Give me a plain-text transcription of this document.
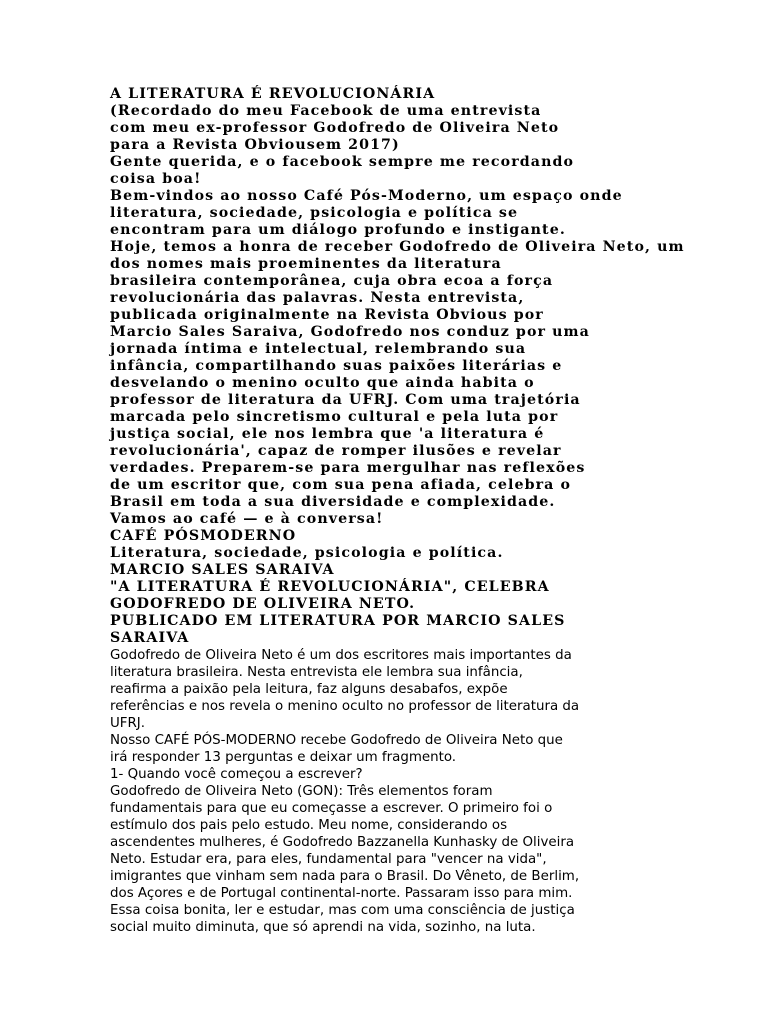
A LITERATURA É REVOLUCIONÁRIA
(Recordado do meu Facebook de uma entrevista
com meu ex-professor Godofredo de Oliveira Neto
para a Revista Obviousem 2017)
Gente querida, e o facebook sempre me recordando
coisa boa!
Bem-vindos ao nosso Café Pós-Moderno, um espaço onde
literatura, sociedade, psicologia e política se
encontram para um diálogo profundo e instigante.
Hoje, temos a honra de receber Godofredo de Oliveira Neto, um
dos nomes mais proeminentes da literatura
brasileira contemporânea, cuja obra ecoa a força
revolucionária das palavras. Nesta entrevista,
publicada originalmente na Revista Obvious por
Marcio Sales Saraiva, Godofredo nos conduz por uma
jornada íntima e intelectual, relembrando sua
infância, compartilhando suas paixões literárias e
desvelando o menino oculto que ainda habita o
professor de literatura da UFRJ. Com uma trajetória
marcada pelo sincretismo cultural e pela luta por
justiça social, ele nos lembra que 'a literatura é
revolucionária', capaz de romper ilusões e revelar
verdades. Preparem-se para mergulhar nas reflexões
de um escritor que, com sua pena afiada, celebra o
Brasil em toda a sua diversidade e complexidade.
Vamos ao café — e à conversa!
CAFÉ PÓSMODERNO
Literatura, sociedade, psicologia e política.
MARCIO SALES SARAIVA
"A LITERATURA É REVOLUCIONÁRIA", CELEBRA
GODOFREDO DE OLIVEIRA NETO.
PUBLICADO EM LITERATURA POR MARCIO SALES
SARAIVA
Godofredo de Oliveira Neto é um dos escritores mais importantes da
literatura brasileira. Nesta entrevista ele lembra sua infância,
reafirma a paixão pela leitura, faz alguns desabafos, expõe
referências e nos revela o menino oculto no professor de literatura da
UFRJ.
Nosso CAFÉ PÓS-MODERNO recebe Godofredo de Oliveira Neto que
irá responder 13 perguntas e deixar um fragmento.
1- Quando você começou a escrever?
Godofredo de Oliveira Neto (GON): Três elementos foram
fundamentais para que eu começasse a escrever. O primeiro foi o
estímulo dos pais pelo estudo. Meu nome, considerando os
ascendentes mulheres, é Godofredo Bazzanella Kunhasky de Oliveira
Neto. Estudar era, para eles, fundamental para "vencer na vida",
imigrantes que vinham sem nada para o Brasil. Do Vêneto, de Berlim,
dos Açores e de Portugal continental-norte. Passaram isso para mim.
Essa coisa bonita, ler e estudar, mas com uma consciência de justiça
social muito diminuta, que só aprendi na vida, sozinho, na luta.
